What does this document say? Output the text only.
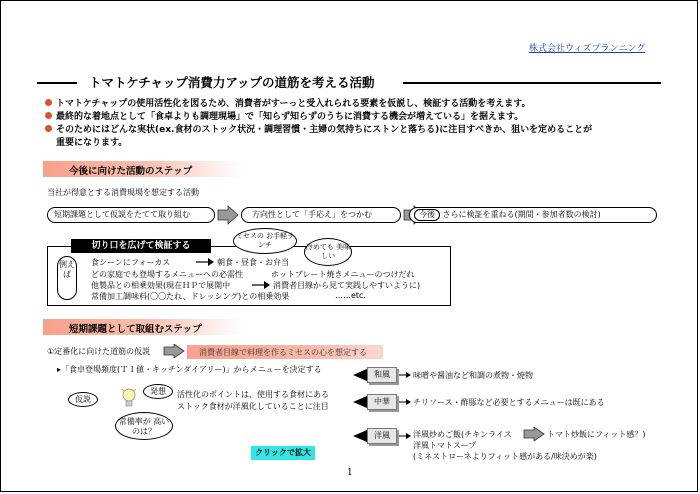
株式会社ウィズプランニング
トマトケチャップ消費力アップの道筋を考える活動
トマトケチャップの使用活性化を図るため、消費者がすーっと受入れられる要素を仮説し、検証する活動を考えます。
最終的な着地点として「食卓よりも調理現場」で「知らず知らずのうちに消費する機会が増えている」を据えます。
そのためにはどんな実状(ex.食材のストック状況・調理習慣・主婦の気持ちにストンと落ちる)に注目すべきか、狙いを定めることが
重要になります。
今後に向けた活動のステップ
当社が得意とする消費現場を想定する活動
短期課題として仮説をたてて取り組む	方向性として「手応え」をつかむ	今後 さらに検証を重ねる(期間・参加者数の検討)
切り口を広げて検証する
ミセスの お手軽ランチ	冷めても 美味しい
例えば
食シーンにフォーカス	朝食・昼食・お弁当
どの家庭でも登場するメニューへの必需性	ホットプレート焼きメニューのつけだれ
他製品との相乗効果(現在ＨＰで展開中	消費者目線から見て実践しやすいように)
常備加工調味料(〇〇たれ、ドレッシング)との相乗効果	……etc.
短期課題として取組むステップ
①定番化に向けた道筋の仮説	消費者目線で料理を作るミセスの心を想定する
▸「食卓登場頻度(Ｔ１値・キッチンダイアリー)」からメニューを決定する
仮説
発想	活性化のポイントは、使用する食材にある
ストック食材が洋風化していることに注目
常備率が 高いのは？
和風	味噌や醤油など和調の煮物・焼物
中華	チリソース・酢豚など必要とするメニューは既にある
洋風	洋風炒めご飯(チキンライス	トマト炒飯にフィット感？)
洋風トマトスープ
(ミネストローネよりフィット感がある/味決めが楽)
クリックで拡大
1
